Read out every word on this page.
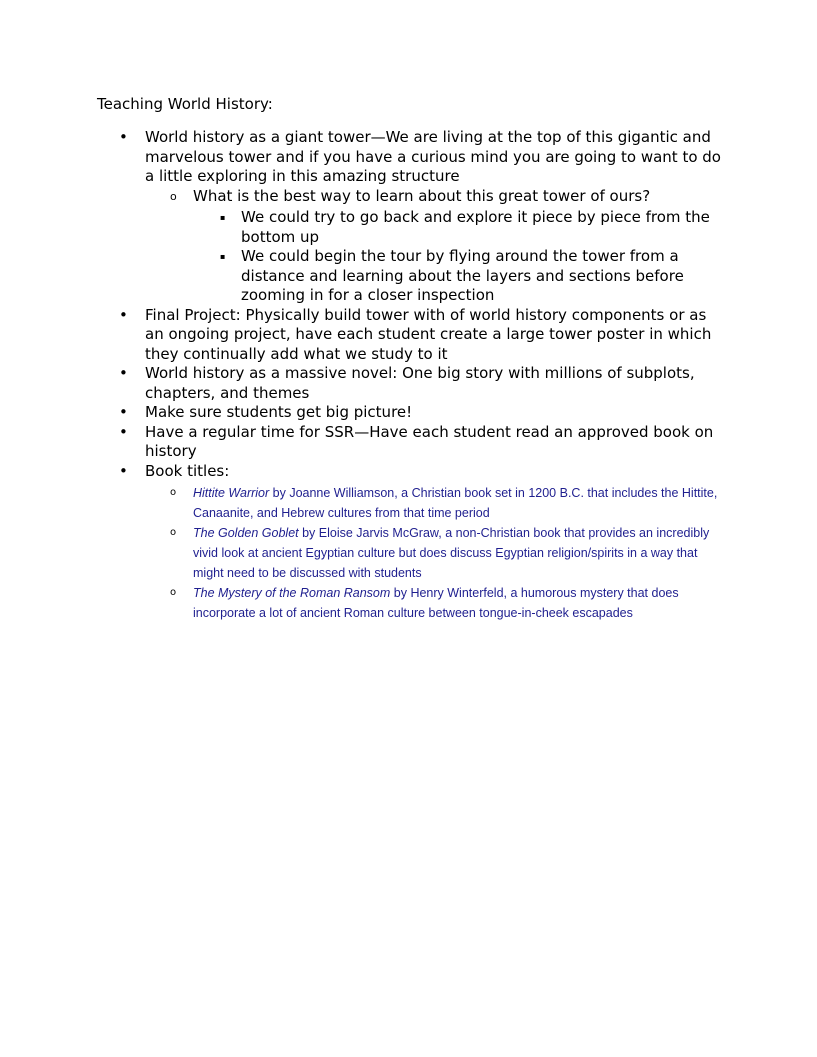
Teaching World History:
• World history as a giant tower—We are living at the top of this gigantic and marvelous tower and if you have a curious mind you are going to want to do a little exploring in this amazing structure
o What is the best way to learn about this great tower of ours?
▪ We could try to go back and explore it piece by piece from the bottom up
▪ We could begin the tour by flying around the tower from a distance and learning about the layers and sections before zooming in for a closer inspection
• Final Project: Physically build tower with of world history components or as an ongoing project, have each student create a large tower poster in which they continually add what we study to it
• World history as a massive novel: One big story with millions of subplots, chapters, and themes
• Make sure students get big picture!
• Have a regular time for SSR—Have each student read an approved book on history
• Book titles:
o Hittite Warrior by Joanne Williamson, a Christian book set in 1200 B.C. that includes the Hittite, Canaanite, and Hebrew cultures from that time period
o The Golden Goblet by Eloise Jarvis McGraw, a non-Christian book that provides an incredibly vivid look at ancient Egyptian culture but does discuss Egyptian religion/spirits in a way that might need to be discussed with students
o The Mystery of the Roman Ransom by Henry Winterfeld, a humorous mystery that does incorporate a lot of ancient Roman culture between tongue-in-cheek escapades
